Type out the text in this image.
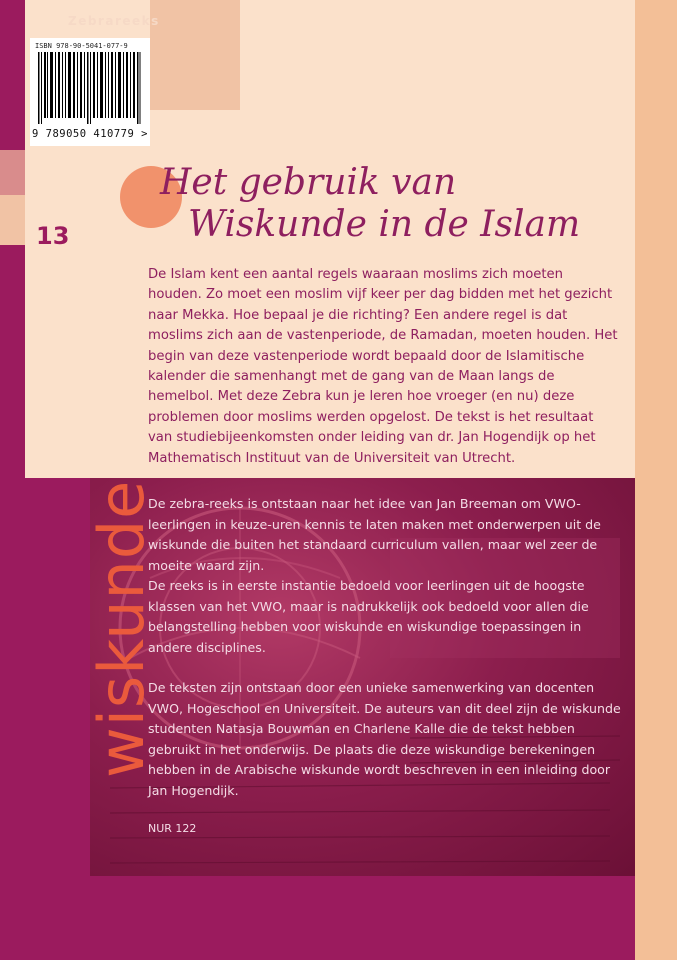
Zebrareeks
ISBN 978-90-5041-077-9
9 789050 410779 >
13
Het gebruik van
Wiskunde in de Islam
De Islam kent een aantal regels waaraan moslims zich moeten houden. Zo moet een moslim vijf keer per dag bidden met het gezicht naar Mekka. Hoe bepaal je die richting? Een andere regel is dat moslims zich aan de vastenperiode, de Ramadan, moeten houden. Het begin van deze vastenperiode wordt bepaald door de Islamitische kalender die samenhangt met de gang van de Maan langs de hemelbol. Met deze Zebra kun je leren hoe vroeger (en nu) deze problemen door moslims werden opgelost. De tekst is het resultaat van studiebijeenkomsten onder leiding van dr. Jan Hogendijk op het Mathematisch Instituut van de Universiteit van Utrecht.
wiskunde

De zebra-reeks is ontstaan naar het idee van Jan Breeman om VWO-leerlingen in keuze-uren kennis te laten maken met onderwerpen uit de wiskunde die buiten het standaard curriculum vallen, maar wel zeer de moeite waard zijn.

De reeks is in eerste instantie bedoeld voor leerlingen uit de hoogste klassen van het VWO, maar is nadrukkelijk ook bedoeld voor allen die belangstelling hebben voor wiskunde en wiskundige toepassingen in andere disciplines.

De teksten zijn ontstaan door een unieke samenwerking van docenten VWO, Hogeschool en Universiteit. De auteurs van dit deel zijn de wiskunde studenten Natasja Bouwman en Charlene Kalle die de tekst hebben gebruikt in het onderwijs. De plaats die deze wiskundige berekeningen hebben in de Arabische wiskunde wordt beschreven in een inleiding door Jan Hogendijk.

NUR 122
